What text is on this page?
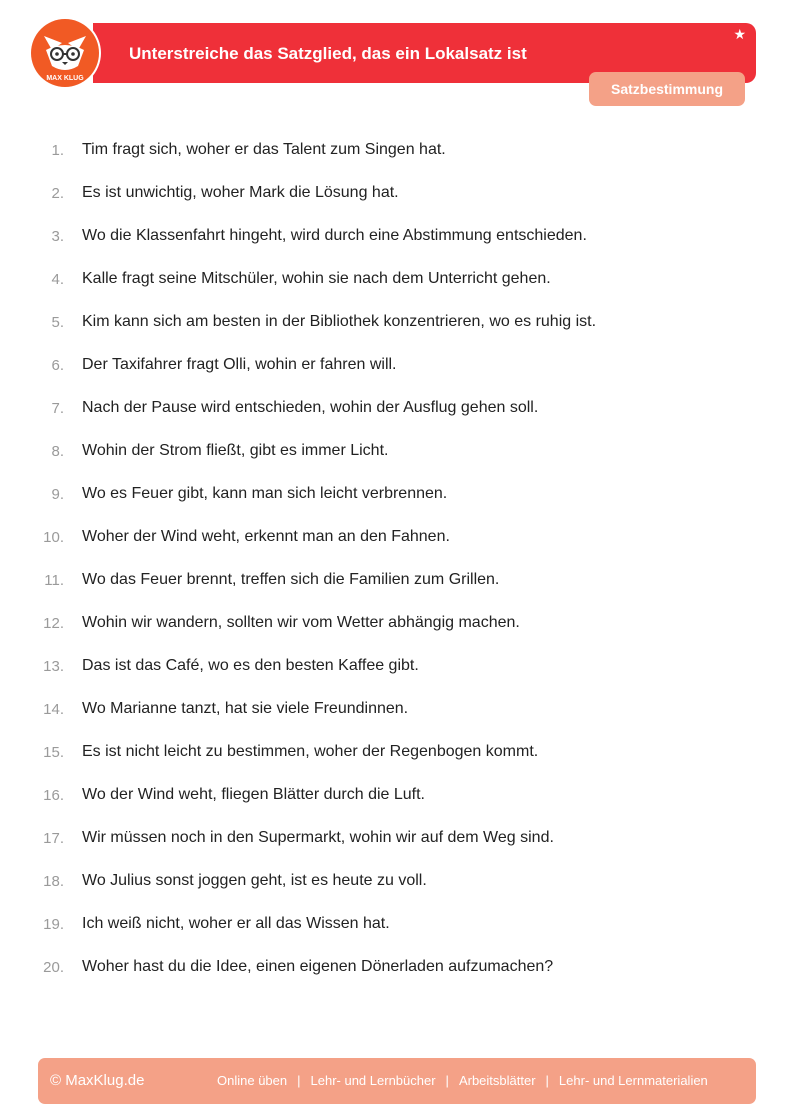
Unterstreiche das Satzglied, das ein Lokalsatz ist
★
MAX KLUG
Satzbestimmung
1. Tim fragt sich, woher er das Talent zum Singen hat.
2. Es ist unwichtig, woher Mark die Lösung hat.
3. Wo die Klassenfahrt hingeht, wird durch eine Abstimmung entschieden.
4. Kalle fragt seine Mitschüler, wohin sie nach dem Unterricht gehen.
5. Kim kann sich am besten in der Bibliothek konzentrieren, wo es ruhig ist.
6. Der Taxifahrer fragt Olli, wohin er fahren will.
7. Nach der Pause wird entschieden, wohin der Ausflug gehen soll.
8. Wohin der Strom fließt, gibt es immer Licht.
9. Wo es Feuer gibt, kann man sich leicht verbrennen.
10. Woher der Wind weht, erkennt man an den Fahnen.
11. Wo das Feuer brennt, treffen sich die Familien zum Grillen.
12. Wohin wir wandern, sollten wir vom Wetter abhängig machen.
13. Das ist das Café, wo es den besten Kaffee gibt.
14. Wo Marianne tanzt, hat sie viele Freundinnen.
15. Es ist nicht leicht zu bestimmen, woher der Regenbogen kommt.
16. Wo der Wind weht, fliegen Blätter durch die Luft.
17. Wir müssen noch in den Supermarkt, wohin wir auf dem Weg sind.
18. Wo Julius sonst joggen geht, ist es heute zu voll.
19. Ich weiß nicht, woher er all das Wissen hat.
20. Woher hast du die Idee, einen eigenen Dönerladen aufzumachen?
© MaxKlug.de	Online üben | Lehr- und Lernbücher | Arbeitsblätter | Lehr- und Lernmaterialien
